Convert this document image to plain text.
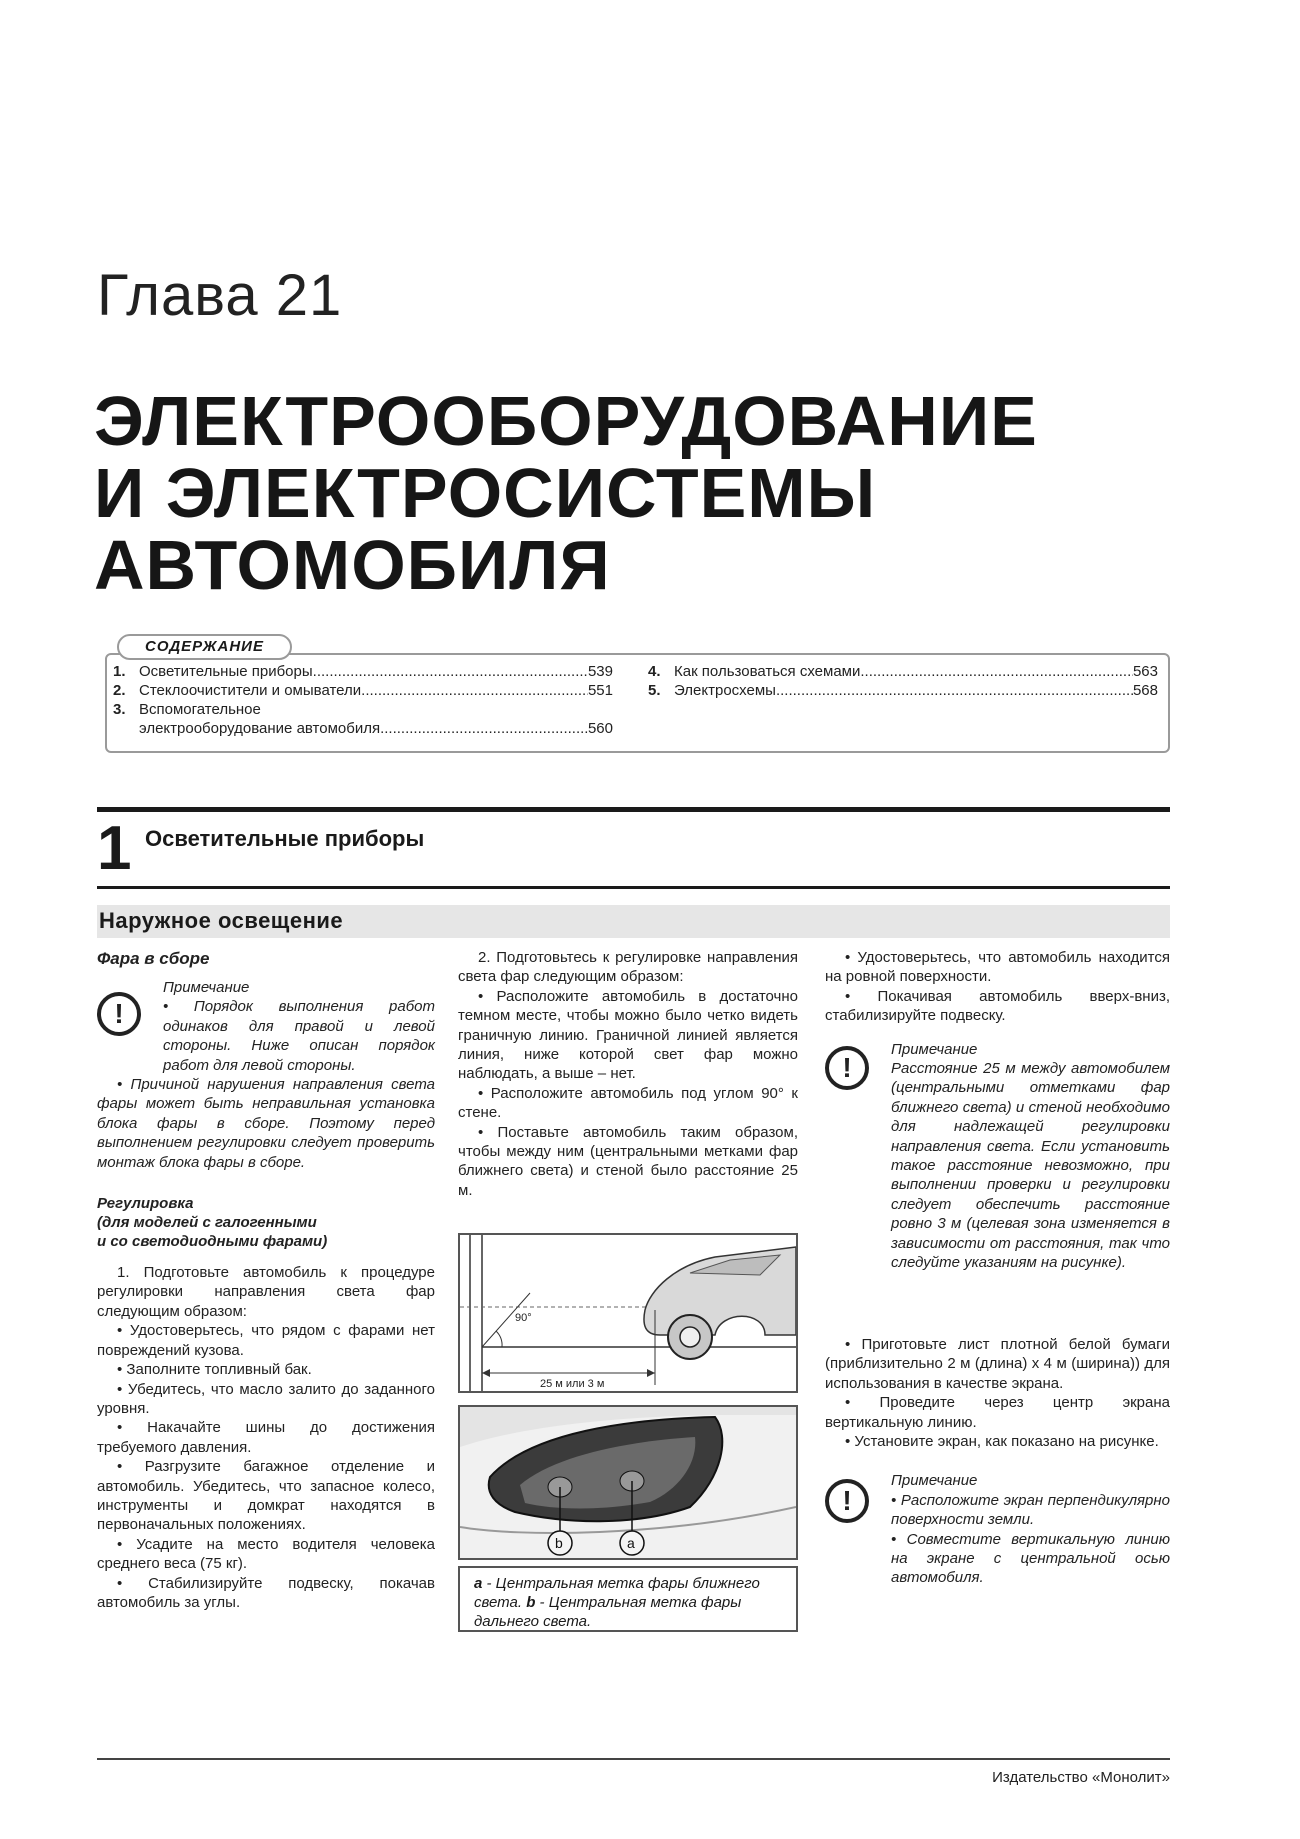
Глава 21
ЭЛЕКТРООБОРУДОВАНИЕ
И ЭЛЕКТРОСИСТЕМЫ
АВТОМОБИЛЯ
СОДЕРЖАНИЕ
1. Осветительные приборы .....	539
2. Стеклоочистители и омыватели .....	551
3. Вспомогательное
электрооборудование автомобиля .....	560
4. Как пользоваться схемами .....	563
5. Электросхемы .....	568
1 Осветительные приборы
Наружное освещение

Фара в сборе

!

Примечание

• Порядок выполнения работ одинаков для правой и левой стороны. Ниже описан порядок работ для левой стороны.

• Причиной нарушения направления света фары может быть неправильная установка блока фары в сборе. Поэтому перед выполнением регулировки следует проверить монтаж блока фары в сборе.

Регулировка

(для моделей с галогенными

и со светодиодными фарами)

1. Подготовьте автомобиль к процедуре регулировки направления света фар следующим образом:

• Удостоверьтесь, что рядом с фарами нет повреждений кузова.

• Заполните топливный бак.

• Убедитесь, что масло залито до заданного уровня.

• Накачайте шины до достижения требуемого давления.

• Разгрузите багажное отделение и автомобиль. Убедитесь, что запасное колесо, инструменты и домкрат находятся в первоначальных положениях.

• Усадите на место водителя человека среднего веса (75 кг).

• Стабилизируйте подвеску, покачав автомобиль за углы.

2. Подготовьтесь к регулировке направления света фар следующим образом:

• Расположите автомобиль в достаточно темном месте, чтобы можно было четко видеть граничную линию. Граничной линией является линия, ниже которой свет фар можно наблюдать, а выше – нет.

• Расположите автомобиль под углом 90° к стене.

• Поставьте автомобиль таким образом, чтобы между ним (центральными метками фар ближнего света) и стеной было расстояние 25 м.

90°
25 м или 3 м
b	a
a - Центральная метка фары ближнего света. b - Центральная метка фары дальнего света.

• Удостоверьтесь, что автомобиль находится на ровной поверхности.

• Покачивая автомобиль вверх-вниз, стабилизируйте подвеску.

!

Примечание

Расстояние 25 м между автомобилем (центральными отметками фар ближнего света) и стеной необходимо для надлежащей регулировки направления света. Если установить такое расстояние невозможно, при выполнении проверки и регулировки следует обеспечить расстояние ровно 3 м (целевая зона изменяется в зависимости от расстояния, так что следуйте указаниям на рисунке).

• Приготовьте лист плотной белой бумаги (приблизительно 2 м (длина) х 4 м (ширина)) для использования в качестве экрана.

• Проведите через центр экрана вертикальную линию.

• Установите экран, как показано на рисунке.

!

Примечание

• Расположите экран перпендикулярно поверхности земли.

• Совместите вертикальную линию на экране с центральной осью автомобиля.

Издательство «Монолит»
